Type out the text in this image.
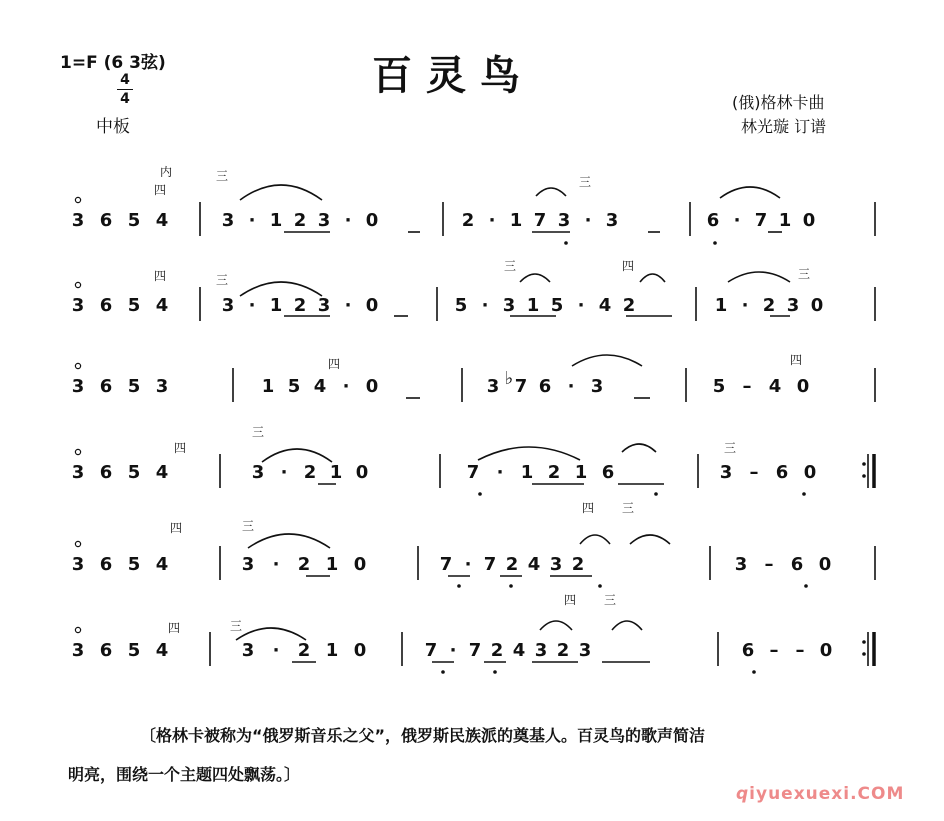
1=F (6 3弦)
4
4
中板
百灵鸟
(俄)格林卡曲
林光璇 订谱
3 6 5 4	3 · 1 2 3 · 0	2 · 1 7 3 · 3	6 · 7 1 0
3 6 5 4	3 · 1 2 3 · 0	5 · 3 1 5 · 4 2	1 · 2 3 0
3 6 5 3	1 5 4 · 0	3 ♭ 7 6 · 3	5 – 4 0
3 6 5 4	3 · 2 1 0	7 · 1 2 1 6	3 – 6 0
3 6 5 4	3 · 2 1 0	7 · 7 2 4 3 2	3 – 6 0
3 6 5 4	3 · 2 1 0	7 · 7 2 4 3 2 3	6 – – 0
内
四
三	三
四	三
三	四
三
四	四
四
三
三
四	三
四 三
四	三
四 三
〔格林卡被称为“俄罗斯音乐之父”，俄罗斯民族派的奠基人。百灵鸟的歌声简洁
明亮，围绕一个主题四处飘荡。〕
qiyuexuexi.COM
